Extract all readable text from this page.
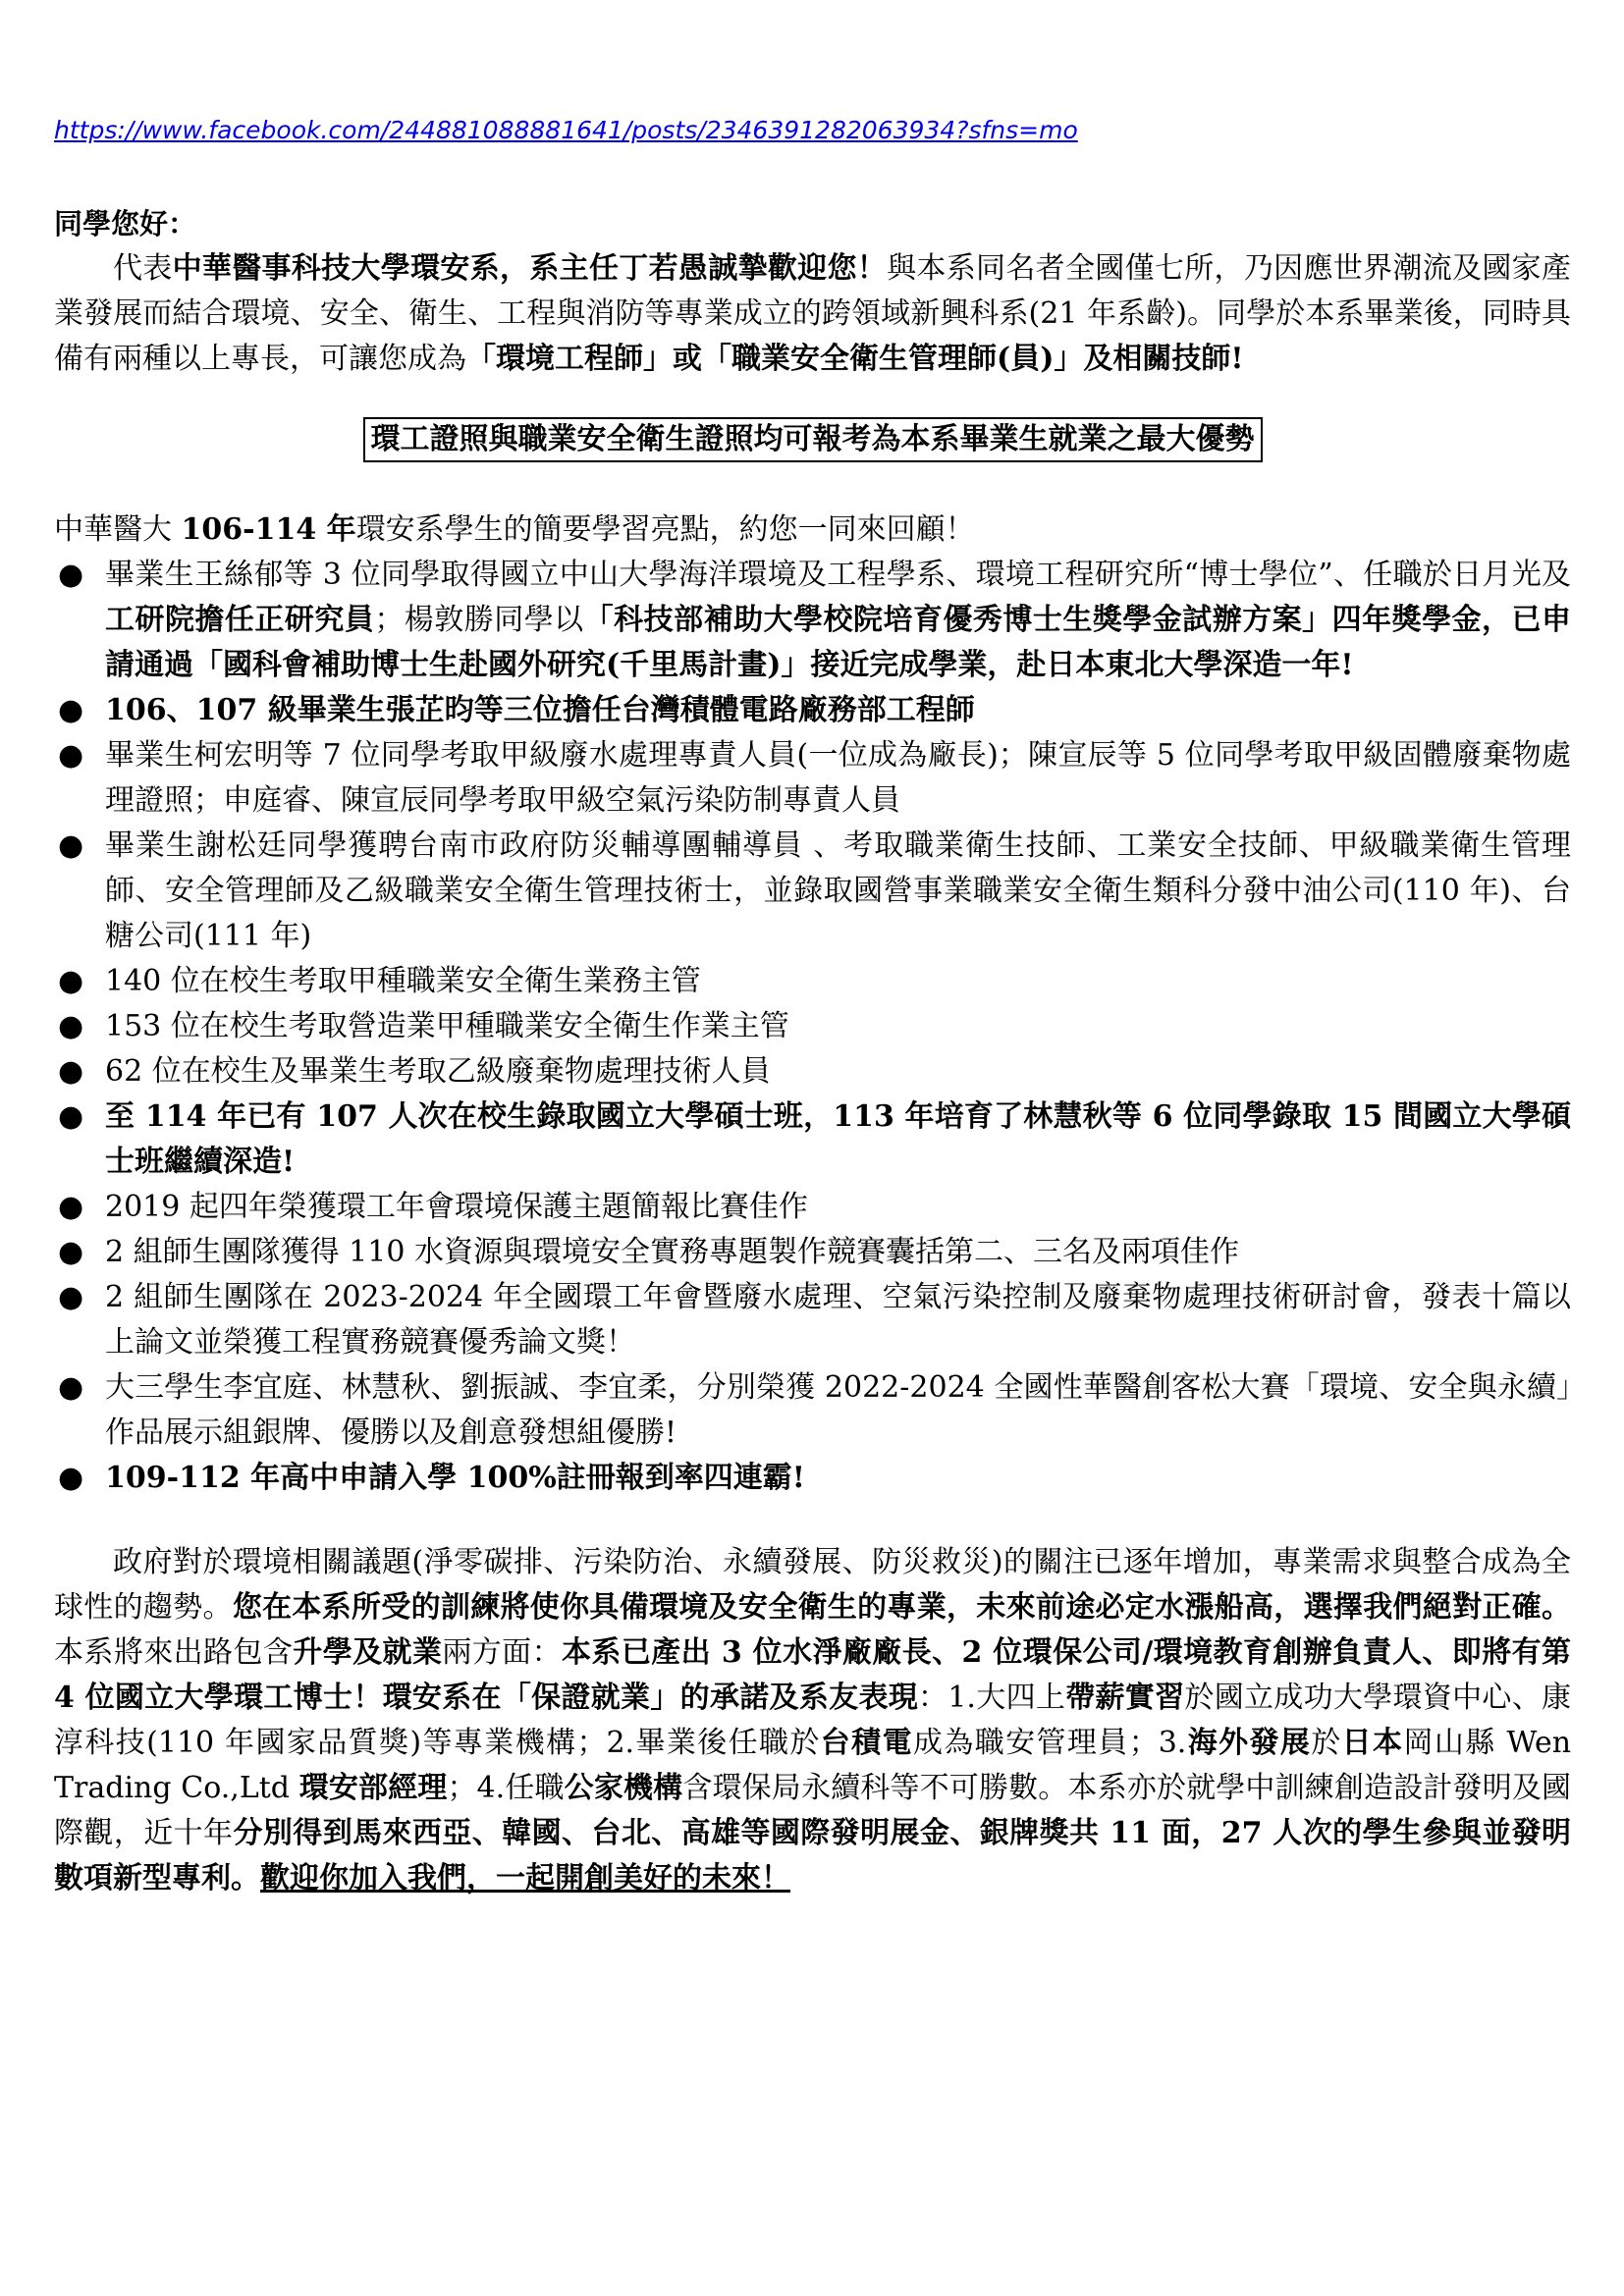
https://www.facebook.com/244881088881641/posts/2346391282063934?sfns=mo

同學您好：

代表中華醫事科技大學環安系，系主任丁若愚誠摯歡迎您！與本系同名者全國僅七所，乃因應世界潮流及國家產業發展而結合環境、安全、衛生、工程與消防等專業成立的跨領域新興科系(21 年系齡)。同學於本系畢業後，同時具備有兩種以上專長，可讓您成為「環境工程師」或「職業安全衛生管理師(員)」及相關技師!

環工證照與職業安全衛生證照均可報考為本系畢業生就業之最大優勢

中華醫大 106-114 年環安系學生的簡要學習亮點，約您一同來回顧！

● 畢業生王絲郁等 3 位同學取得國立中山大學海洋環境及工程學系、環境工程研究所“博士學位”、任職於日月光及工研院擔任正研究員；楊敦勝同學以「科技部補助大學校院培育優秀博士生獎學金試辦方案」四年獎學金，已申請通過「國科會補助博士生赴國外研究(千里馬計畫)」接近完成學業，赴日本東北大學深造一年!
● 106、107 級畢業生張芷昀等三位擔任台灣積體電路廠務部工程師
● 畢業生柯宏明等 7 位同學考取甲級廢水處理專責人員(一位成為廠長)；陳宣辰等 5 位同學考取甲級固體廢棄物處理證照；申庭睿、陳宣辰同學考取甲級空氣污染防制專責人員
● 畢業生謝松廷同學獲聘台南市政府防災輔導團輔導員 、考取職業衛生技師、工業安全技師、甲級職業衛生管理師、安全管理師及乙級職業安全衛生管理技術士，並錄取國營事業職業安全衛生類科分發中油公司(110 年)、台糖公司(111 年)
● 140 位在校生考取甲種職業安全衛生業務主管
● 153 位在校生考取營造業甲種職業安全衛生作業主管
● 62 位在校生及畢業生考取乙級廢棄物處理技術人員
● 至 114 年已有 107 人次在校生錄取國立大學碩士班，113 年培育了林慧秋等 6 位同學錄取 15 間國立大學碩士班繼續深造!
● 2019 起四年榮獲環工年會環境保護主題簡報比賽佳作
● 2 組師生團隊獲得 110 水資源與環境安全實務專題製作競賽囊括第二、三名及兩項佳作
● 2 組師生團隊在 2023-2024 年全國環工年會暨廢水處理、空氣污染控制及廢棄物處理技術研討會，發表十篇以上論文並榮獲工程實務競賽優秀論文獎！
● 大三學生李宜庭、林慧秋、劉振誠、李宜柔，分別榮獲 2022-2024 全國性華醫創客松大賽「環境、安全與永續」作品展示組銀牌、優勝以及創意發想組優勝!
● 109-112 年高中申請入學 100%註冊報到率四連霸!

政府對於環境相關議題(淨零碳排、污染防治、永續發展、防災救災)的關注已逐年增加，專業需求與整合成為全球性的趨勢。您在本系所受的訓練將使你具備環境及安全衛生的專業，未來前途必定水漲船高，選擇我們絕對正確。本系將來出路包含升學及就業兩方面：本系已產出 3 位水淨廠廠長、2 位環保公司/環境教育創辦負責人、即將有第 4 位國立大學環工博士！環安系在「保證就業」的承諾及系友表現：1.大四上帶薪實習於國立成功大學環資中心、康淳科技(110 年國家品質獎)等專業機構；2.畢業後任職於台積電成為職安管理員；3.海外發展於日本岡山縣 Wen Trading Co.,Ltd 環安部經理；4.任職公家機構含環保局永續科等不可勝數。本系亦於就學中訓練創造設計發明及國際觀，近十年分別得到馬來西亞、韓國、台北、高雄等國際發明展金、銀牌獎共 11 面，27 人次的學生參與並發明數項新型專利。歡迎你加入我們，一起開創美好的未來！
